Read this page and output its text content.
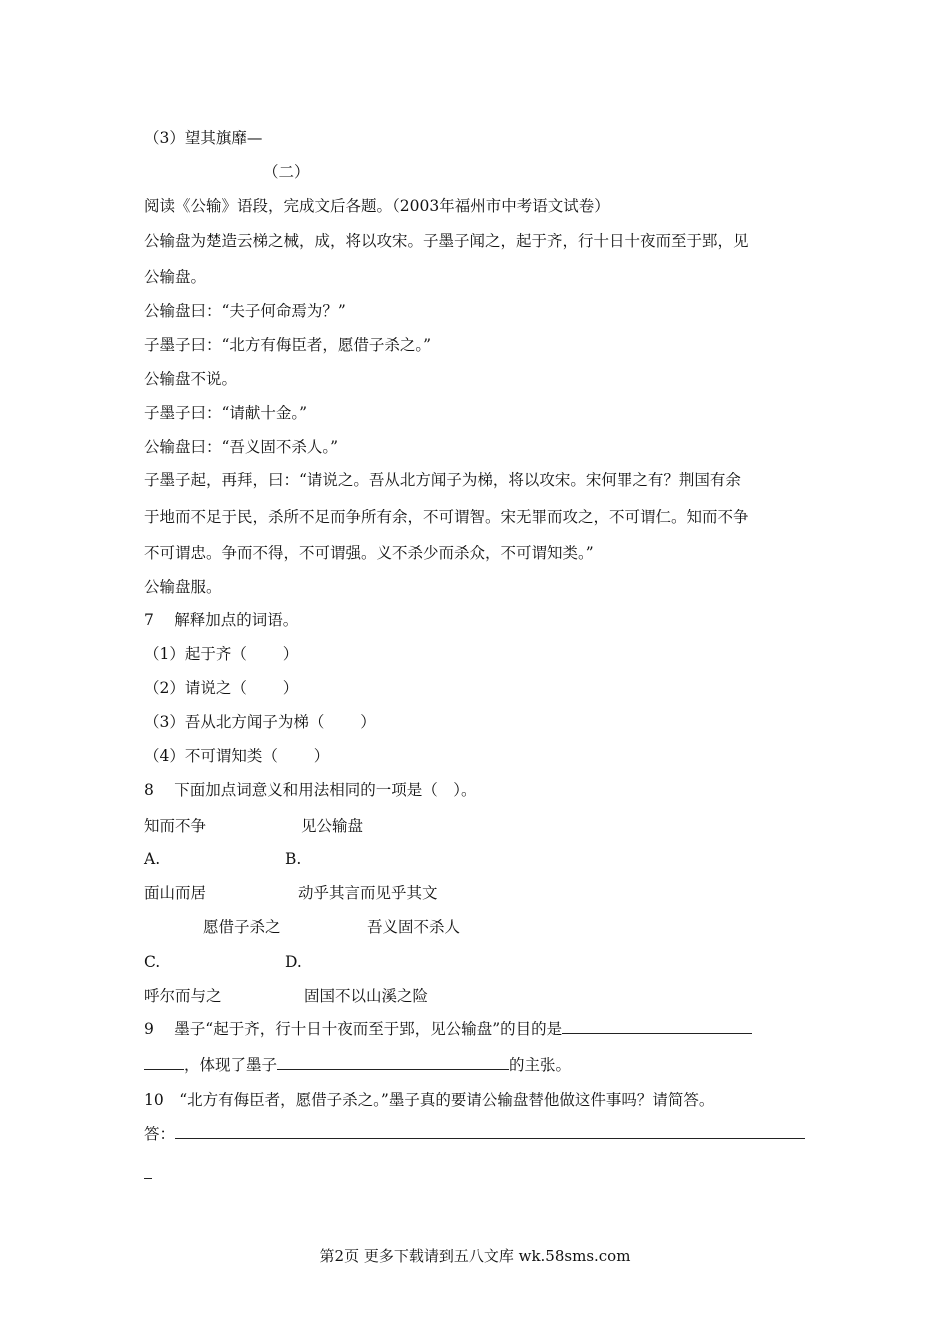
（3）望其旗靡—
（二）
阅读《公输》语段，完成文后各题。（2003年福州市中考语文试卷）
公输盘为楚造云梯之械，成，将以攻宋。子墨子闻之，起于齐，行十日十夜而至于郢，见
公输盘。
公输盘曰：“夫子何命焉为？”
子墨子曰：“北方有侮臣者，愿借子杀之。”
公输盘不说。
子墨子曰：“请献十金。”
公输盘曰：“吾义固不杀人。”
子墨子起，再拜，曰：“请说之。吾从北方闻子为梯，将以攻宋。宋何罪之有？荆国有余
于地而不足于民，杀所不足而争所有余，不可谓智。宋无罪而攻之，不可谓仁。知而不争
不可谓忠。争而不得，不可谓强。义不杀少而杀众，不可谓知类。”
公输盘服。
7　 解释加点的词语。
（1）起于齐（　　 ）
（2）请说之（　　 ）
（3）吾从北方闻子为梯（　　 ）
（4）不可谓知类（　　 ）
8　 下面加点词意义和用法相同的一项是（　）。
知而不争	见公输盘
A.	B.
面山而居	动乎其言而见乎其文
愿借子杀之	吾义固不杀人
C.	D.
呼尔而与之	固国不以山溪之险
9　 墨子“起于齐，行十日十夜而至于郢，见公输盘”的目的是
，体现了墨子	的主张。
10　“北方有侮臣者，愿借子杀之。”墨子真的要请公输盘替他做这件事吗？请简答。
答：
第2页 更多下载请到五八文库 wk.58sms.com
